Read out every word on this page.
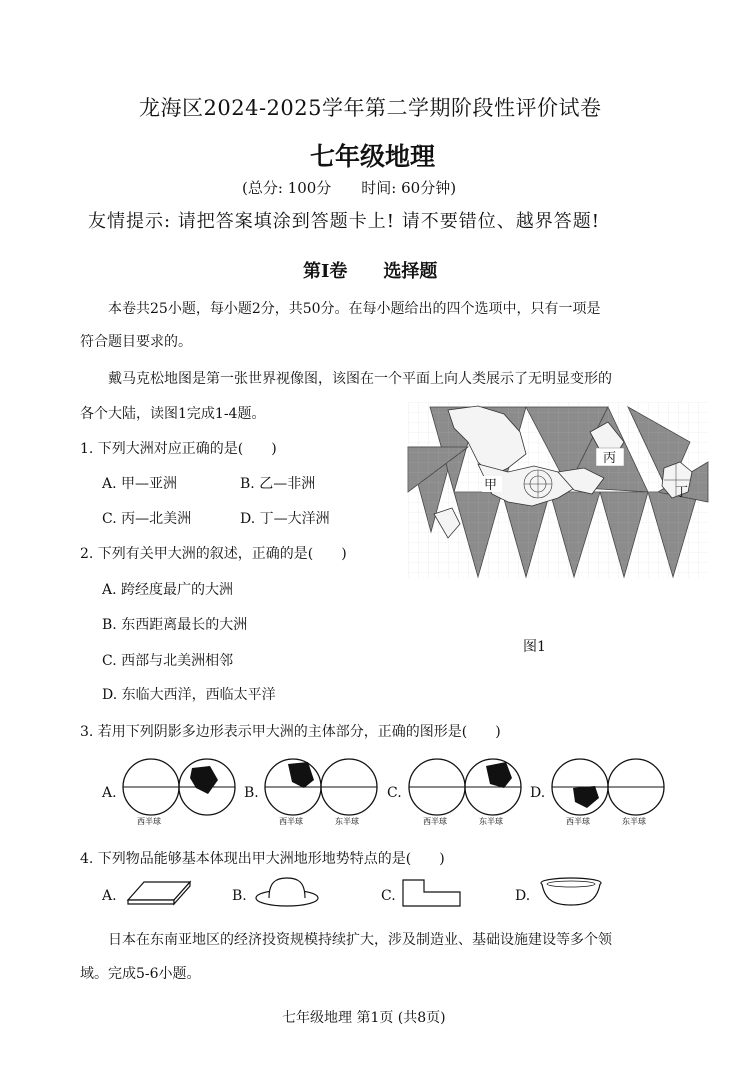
龙海区2024-2025学年第二学期阶段性评价试卷
七年级地理
(总分: 100分　　时间: 60分钟)
友情提示: 请把答案填涂到答题卡上! 请不要错位、越界答题!
第I卷　　选择题
本卷共25小题，每小题2分，共50分。在每小题给出的四个选项中，只有一项是
符合题目要求的。
戴马克松地图是第一张世界视像图，该图在一个平面上向人类展示了无明显变形的
各个大陆，读图1完成1-4题。
甲
丙
丁
图1
1. 下列大洲对应正确的是(　　)
A. 甲—亚洲	B. 乙—非洲
C. 丙—北美洲	D. 丁—大洋洲
2. 下列有关甲大洲的叙述，正确的是(　　)
A. 跨经度最广的大洲
B. 东西距离最长的大洲
C. 西部与北美洲相邻
D. 东临大西洋，西临太平洋
3. 若用下列阴影多边形表示甲大洲的主体部分，正确的图形是(　　)
A.	B.	C.	D.
西半球	西半球	东半球	西半球	东半球	西半球	东半球
4. 下列物品能够基本体现出甲大洲地形地势特点的是(　　)
A.	B.	C.	D.
日本在东南亚地区的经济投资规模持续扩大，涉及制造业、基础设施建设等多个领
域。完成5-6小题。
七年级地理 第1页 (共8页)
